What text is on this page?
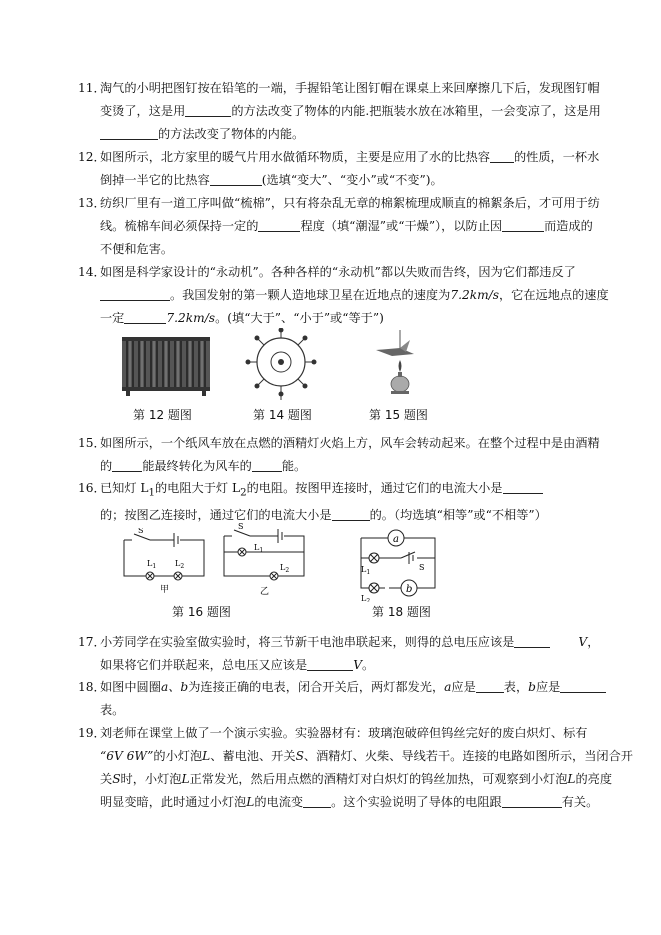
11．
淘气的小明把图钉按在铅笔的一端，手握铅笔让图钉帽在课桌上来回摩擦几下后，发现图钉帽
变烫了，这是用	的方法改变了物体的内能.把瓶装水放在冰箱里，一会变凉了，这是用
的方法改变了物体的内能。
12．
如图所示，北方家里的暖气片用水做循环物质，主要是应用了水的比热容 的性质，一杯水
倒掉一半它的比热容	(选填“变大”、“变小”或“不变”)。
13．
纺织厂里有一道工序叫做“梳棉”，只有将杂乱无章的棉絮梳理成顺直的棉絮条后，才可用于纺
线。梳棉车间必须保持一定的	程度（填“潮湿”或“干燥”），以防止因	而造成的
不便和危害。
14．
如图是科学家设计的“永动机”。各种各样的“永动机”都以失败而告终，因为它们都违反了
。我国发射的第一颗人造地球卫星在近地点的速度为7.2km/s，它在远地点的速度
一定	7.2km/s。(填“大于”、“小于”或“等于”)
第 12 题图	第 14 题图	第 15 题图
15．
如图所示，一个纸风车放在点燃的酒精灯火焰上方，风车会转动起来。在整个过程中是由酒精
的 能最终转化为风车的 能。
16．
已知灯 $L_1$的电阻大于灯 $L_2$的电阻。按图甲连接时，通过它们的电流大小是
的；按图乙连接时，通过它们的电流大小是	的。（均选填“相等”或“不相等”）
S
$L_1$ $L_2$
甲
S
$L_1$
$L_2$
乙
第 16 题图
a
b
S
$L_1$
$L_2$
第 18 题图
17．
小芳同学在实验室做实验时，将三节新干电池串联起来，则得的总电压应该是	V，
如果将它们并联起来，总电压又应该是	V。
18．
如图中圆圈a、b为连接正确的电表，闭合开关后，两灯都发光，a应是 表，b应是
表。
19．
刘老师在课堂上做了一个演示实验。实验器材有：玻璃泡破碎但钨丝完好的废白炽灯、标有
“6V 6W”的小灯泡L、蓄电池、开关S、酒精灯、火柴、导线若干。连接的电路如图所示，当闭合开
关S时，小灯泡L正常发光，然后用点燃的酒精灯对白炽灯的钨丝加热，可观察到小灯泡L的亮度
明显变暗，此时通过小灯泡L的电流变 。这个实验说明了导体的电阻跟	有关。
